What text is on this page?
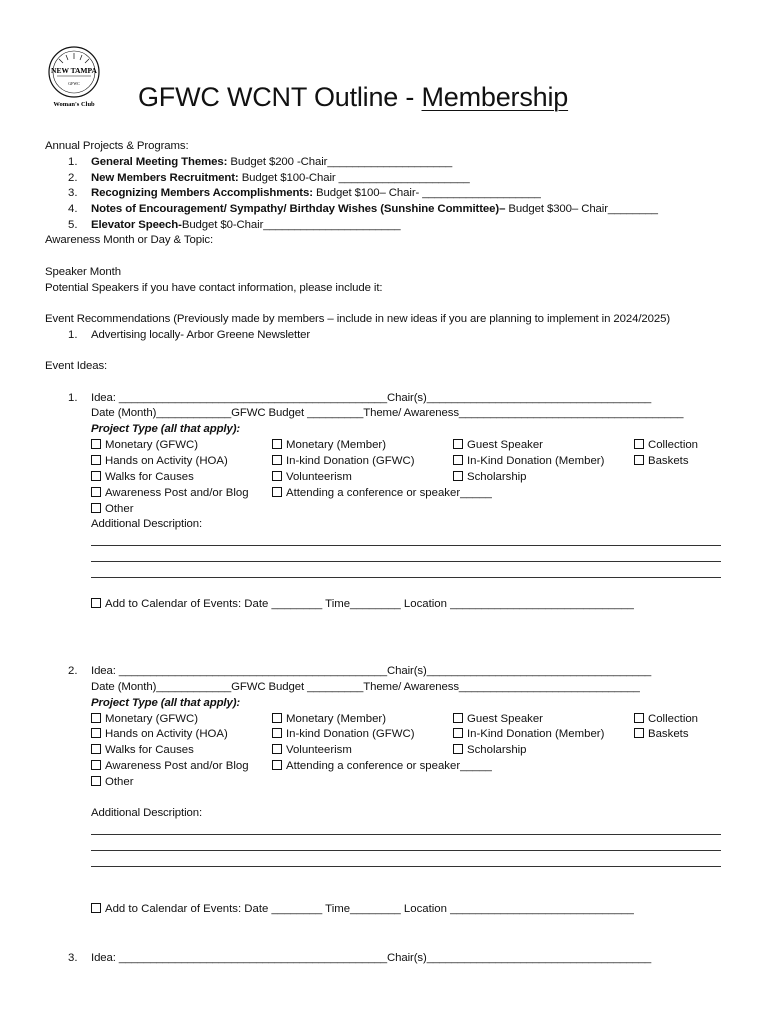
NEW TAMPA
GFWC
Woman's Club GFWC WCNT Outline - Membership
Annual Projects & Programs:
1. General Meeting Themes: Budget $200 -Chair____________________
2. New Members Recruitment: Budget $100-Chair _____________________
3. Recognizing Members Accomplishments: Budget $100– Chair- ___________________
4. Notes of Encouragement/ Sympathy/ Birthday Wishes (Sunshine Committee)– Budget $300– Chair________
5. Elevator Speech-Budget $0-Chair______________________
Awareness Month or Day & Topic:
Speaker Month
Potential Speakers if you have contact information, please include it:
Event Recommendations (Previously made by members – include in new ideas if you are planning to implement in 2024/2025)
1. Advertising locally- Arbor Greene Newsletter
Event Ideas:
1. Idea: ___________________________________________Chair(s)____________________________________
Date (Month)____________GFWC Budget _________Theme/ Awareness____________________________________
Project Type (all that apply):
Monetary (GFWC)
Hands on Activity (HOA)
Walks for Causes
Awareness Post and/or Blog
Other
Monetary (Member)
In-kind Donation (GFWC)
Volunteerism
Attending a conference or speaker_____
Guest Speaker
In-Kind Donation (Member)
Scholarship
Collection
Baskets
Additional Description:
Add to Calendar of Events: Date ________ Time________ Location _____________________________
2. Idea: ___________________________________________Chair(s)____________________________________
Date (Month)____________GFWC Budget _________Theme/ Awareness_____________________________
Project Type (all that apply):
Monetary (GFWC)
Hands on Activity (HOA)
Walks for Causes
Awareness Post and/or Blog
Other
Monetary (Member)
In-kind Donation (GFWC)
Volunteerism
Attending a conference or speaker_____
Guest Speaker
In-Kind Donation (Member)
Scholarship
Collection
Baskets
Additional Description:
Add to Calendar of Events: Date ________ Time________ Location _____________________________
3. Idea: ___________________________________________Chair(s)____________________________________
